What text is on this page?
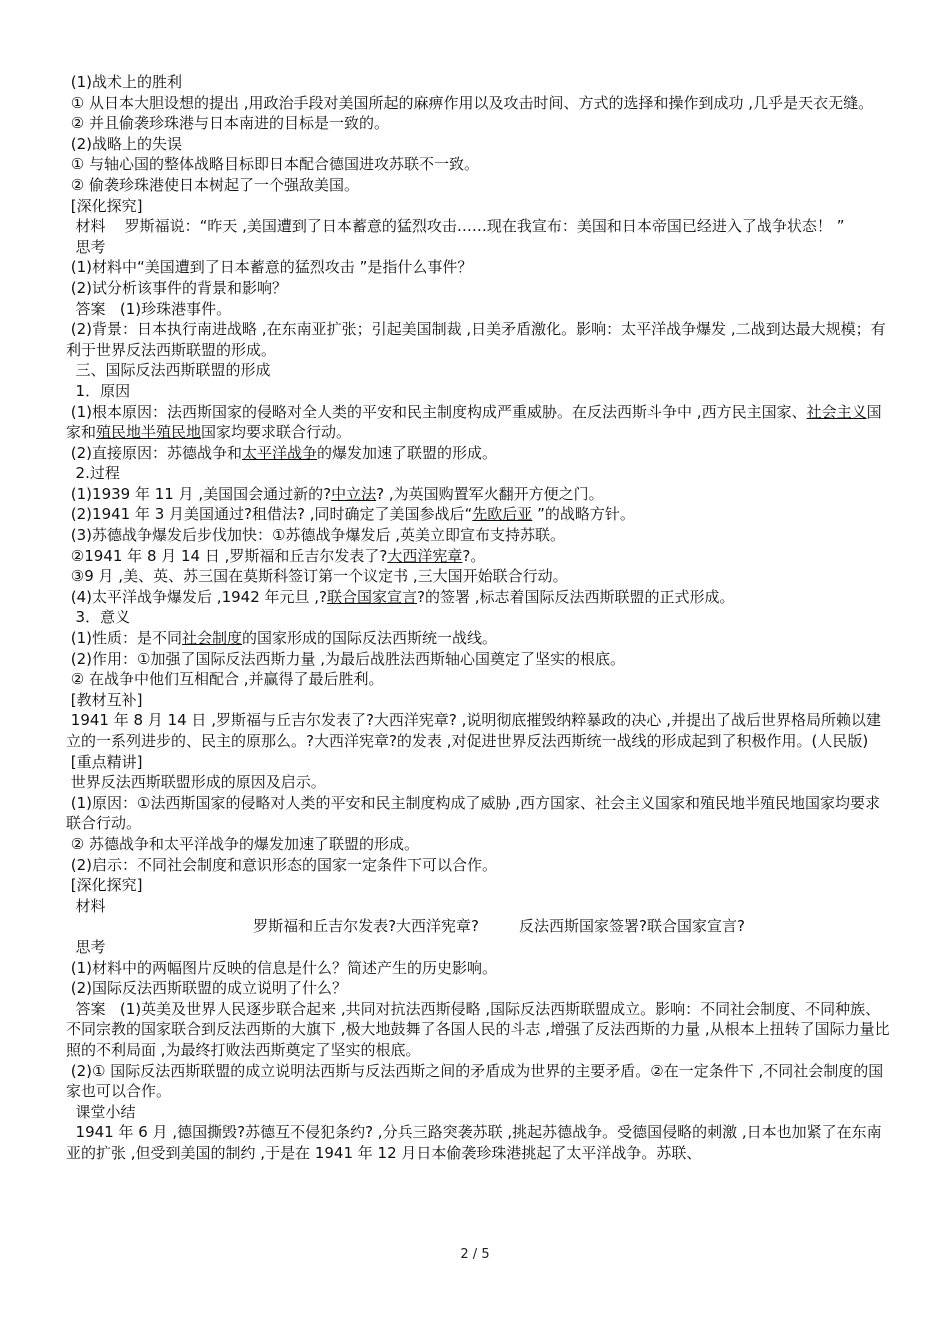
(1)战术上的胜利

① 从日本大胆设想的提出 ,用政治手段对美国所起的麻痹作用以及攻击时间、方式的选择和操作到成功 ,几乎是天衣无缝。

② 并且偷袭珍珠港与日本南进的目标是一致的。

(2)战略上的失误

① 与轴心国的整体战略目标即日本配合德国进攻苏联不一致。

② 偷袭珍珠港使日本树起了一个强敌美国。

[深化探究]

材料    罗斯福说：“昨天 ,美国遭到了日本蓄意的猛烈攻击……现在我宣布：美国和日本帝国已经进入了战争状态！ ”

思考

(1)材料中“美国遭到了日本蓄意的猛烈攻击 ”是指什么事件？

(2)试分析该事件的背景和影响？

答案   (1)珍珠港事件。

(2)背景：日本执行南进战略 ,在东南亚扩张；引起美国制裁 ,日美矛盾激化。影响：太平洋战争爆发 ,二战到达最大规模；有利于世界反法西斯联盟的形成。

三、国际反法西斯联盟的形成

1．原因

(1)根本原因：法西斯国家的侵略对全人类的平安和民主制度构成严重威胁。在反法西斯斗争中 ,西方民主国家、社会主义国家和殖民地半殖民地国家均要求联合行动。

(2)直接原因：苏德战争和太平洋战争的爆发加速了联盟的形成。

2.过程

(1)1939 年 11 月 ,美国国会通过新的?中立法? ,为英国购置军火翻开方便之门。

(2)1941 年 3 月美国通过?租借法? ,同时确定了美国参战后“先欧后亚 ”的战略方针。

(3)苏德战争爆发后步伐加快：①苏德战争爆发后 ,英美立即宣布支持苏联。

②1941 年 8 月 14 日 ,罗斯福和丘吉尔发表了?大西洋宪章?。

③9 月 ,美、英、苏三国在莫斯科签订第一个议定书 ,三大国开始联合行动。

(4)太平洋战争爆发后 ,1942 年元旦 ,?联合国家宣言?的签署 ,标志着国际反法西斯联盟的正式形成。

3．意义

(1)性质：是不同社会制度的国家形成的国际反法西斯统一战线。

(2)作用：①加强了国际反法西斯力量 ,为最后战胜法西斯轴心国奠定了坚实的根底。

② 在战争中他们互相配合 ,并赢得了最后胜利。

[教材互补]

1941 年 8 月 14 日 ,罗斯福与丘吉尔发表了?大西洋宪章? ,说明彻底摧毁纳粹暴政的决心 ,并提出了战后世界格局所赖以建立的一系列进步的、民主的原那么。?大西洋宪章?的发表 ,对促进世界反法西斯统一战线的形成起到了积极作用。(人民版)

[重点精讲]

世界反法西斯联盟形成的原因及启示。

(1)原因：①法西斯国家的侵略对人类的平安和民主制度构成了威胁 ,西方国家、社会主义国家和殖民地半殖民地国家均要求联合行动。

② 苏德战争和太平洋战争的爆发加速了联盟的形成。

(2)启示：不同社会制度和意识形态的国家一定条件下可以合作。

[深化探究]

材料

罗斯福和丘吉尔发表?大西洋宪章?	反法西斯国家签署?联合国家宣言?

思考

(1)材料中的两幅图片反映的信息是什么？简述产生的历史影响。

(2)国际反法西斯联盟的成立说明了什么？

答案   (1)英美及世界人民逐步联合起来 ,共同对抗法西斯侵略 ,国际反法西斯联盟成立。影响：不同社会制度、不同种族、不同宗教的国家联合到反法西斯的大旗下 ,极大地鼓舞了各国人民的斗志 ,增强了反法西斯的力量 ,从根本上扭转了国际力量比照的不利局面 ,为最终打败法西斯奠定了坚实的根底。

(2)① 国际反法西斯联盟的成立说明法西斯与反法西斯之间的矛盾成为世界的主要矛盾。②在一定条件下 ,不同社会制度的国家也可以合作。

课堂小结

1941 年 6 月 ,德国撕毁?苏德互不侵犯条约? ,分兵三路突袭苏联 ,挑起苏德战争。受德国侵略的刺激 ,日本也加紧了在东南亚的扩张 ,但受到美国的制约 ,于是在 1941 年 12 月日本偷袭珍珠港挑起了太平洋战争。苏联、

2 / 5
